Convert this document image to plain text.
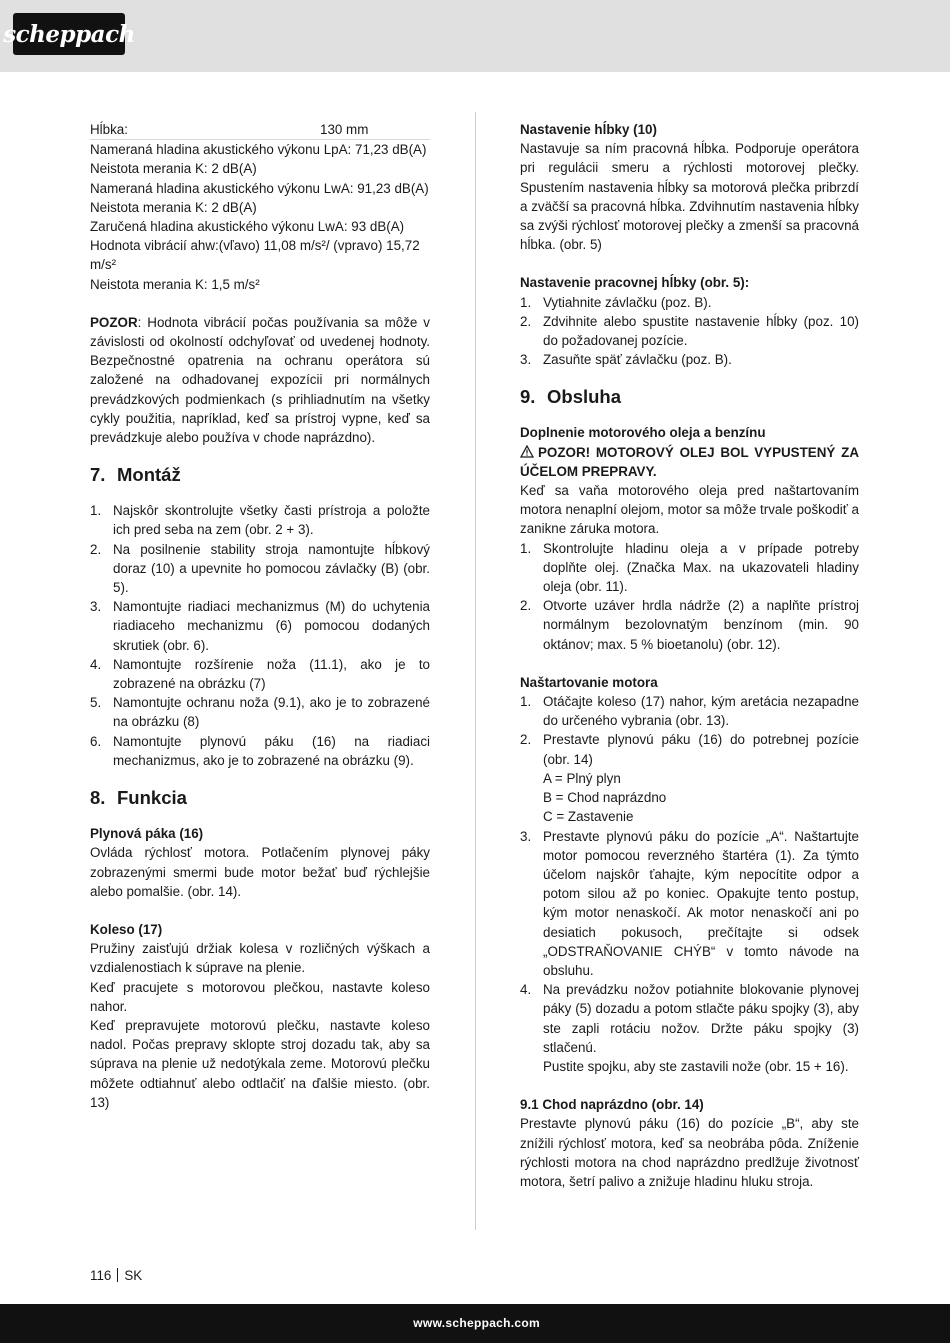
scheppach
Hĺbka:	130 mm
Nameraná hladina akustického výkonu LpA: 71,23 dB(A)
Neistota merania K: 2 dB(A)
Nameraná hladina akustického výkonu LwA: 91,23 dB(A)
Neistota merania K: 2 dB(A)
Zaručená hladina akustického výkonu LwA: 93 dB(A)
Hodnota vibrácií ahw:(vľavo) 11,08 m/s²/ (vpravo) 15,72 m/s²
Neistota merania K: 1,5 m/s²

POZOR: Hodnota vibrácií počas používania sa môže v závislosti od okolností odchyľovať od uvedenej hodnoty. Bezpečnostné opatrenia na ochranu operátora sú založené na odhadovanej expozícii pri normálnych prevádzkových podmienkach (s prihliadnutím na všetky cykly použitia, napríklad, keď sa prístroj vypne, keď sa prevádzkuje alebo používa v chode naprázdno).

7. Montáž
1. Najskôr skontrolujte všetky časti prístroja a položte ich pred seba na zem (obr. 2 + 3).
2. Na posilnenie stability stroja namontujte hĺbkový doraz (10) a upevnite ho pomocou závlačky (B) (obr. 5).
3. Namontujte riadiaci mechanizmus (M) do uchytenia riadiaceho mechanizmu (6) pomocou dodaných skrutiek (obr. 6).
4. Namontujte rozšírenie noža (11.1), ako je to zobrazené na obrázku (7)
5. Namontujte ochranu noža (9.1), ako je to zobrazené na obrázku (8)
6. Namontujte plynovú páku (16) na riadiaci mechanizmus, ako je to zobrazené na obrázku (9).
8. Funkcia
Plynová páka (16)

Ovláda rýchlosť motora. Potlačením plynovej páky zobrazenými smermi bude motor bežať buď rýchlejšie alebo pomalšie. (obr. 14).

Koleso (17)

Pružiny zaisťujú držiak kolesa v rozličných výškach a vzdialenostiach k súprave na plenie.

Keď pracujete s motorovou plečkou, nastavte koleso nahor.

Keď prepravujete motorovú plečku, nastavte koleso nadol. Počas prepravy sklopte stroj dozadu tak, aby sa súprava na plenie už nedotýkala zeme. Motorovú plečku môžete odtiahnuť alebo odtlačiť na ďalšie miesto. (obr. 13)

Nastavenie hĺbky (10)

Nastavuje sa ním pracovná hĺbka. Podporuje operátora pri regulácii smeru a rýchlosti motorovej plečky. Spustením nastavenia hĺbky sa motorová plečka pribrzdí a zväčší sa pracovná hĺbka. Zdvihnutím nastavenia hĺbky sa zvýši rýchlosť motorovej plečky a zmenší sa pracovná hĺbka. (obr. 5)

Nastavenie pracovnej hĺbky (obr. 5):
1. Vytiahnite závlačku (poz. B).
2. Zdvihnite alebo spustite nastavenie hĺbky (poz. 10) do požadovanej pozície.
3. Zasuňte späť závlačku (poz. B).
9. Obsluha
Doplnenie motorového oleja a benzínu

POZOR! MOTOROVÝ OLEJ BOL VYPUSTENÝ ZA ÚČELOM PREPRAVY.

Keď sa vaňa motorového oleja pred naštartovaním motora nenaplní olejom, motor sa môže trvale poškodiť a zanikne záruka motora.

1. Skontrolujte hladinu oleja a v prípade potreby doplňte olej. (Značka Max. na ukazovateli hladiny oleja (obr. 11).
2. Otvorte uzáver hrdla nádrže (2) a naplňte prístroj normálnym bezolovnatým benzínom (min. 90 oktánov; max. 5 % bioetanolu) (obr. 12).
Naštartovanie motora
1. Otáčajte koleso (17) nahor, kým aretácia nezapadne do určeného vybrania (obr. 13).
2. Prestavte plynovú páku (16) do potrebnej pozície (obr. 14)
A = Plný plyn
B = Chod naprázdno
C = Zastavenie
3. Prestavte plynovú páku do pozície „A“. Naštartujte motor pomocou reverzného štartéra (1). Za týmto účelom najskôr ťahajte, kým nepocítite odpor a potom silou až po koniec. Opakujte tento postup, kým motor nenaskočí. Ak motor nenaskočí ani po desiatich pokusoch, prečítajte si odsek „ODSTRAŇOVANIE CHÝB“ v tomto návode na obsluhu.
4. Na prevádzku nožov potiahnite blokovanie plynovej páky (5) dozadu a potom stlačte páku spojky (3), aby ste zapli rotáciu nožov. Držte páku spojky (3) stlačenú.
Pustite spojku, aby ste zastavili nože (obr. 15 + 16).
9.1 Chod naprázdno (obr. 14)

Prestavte plynovú páku (16) do pozície „B“, aby ste znížili rýchlosť motora, keď sa neobrába pôda. Zníženie rýchlosti motora na chod naprázdno predlžuje životnosť motora, šetrí palivo a znižuje hladinu hluku stroja.

116 SK
www.scheppach.com
